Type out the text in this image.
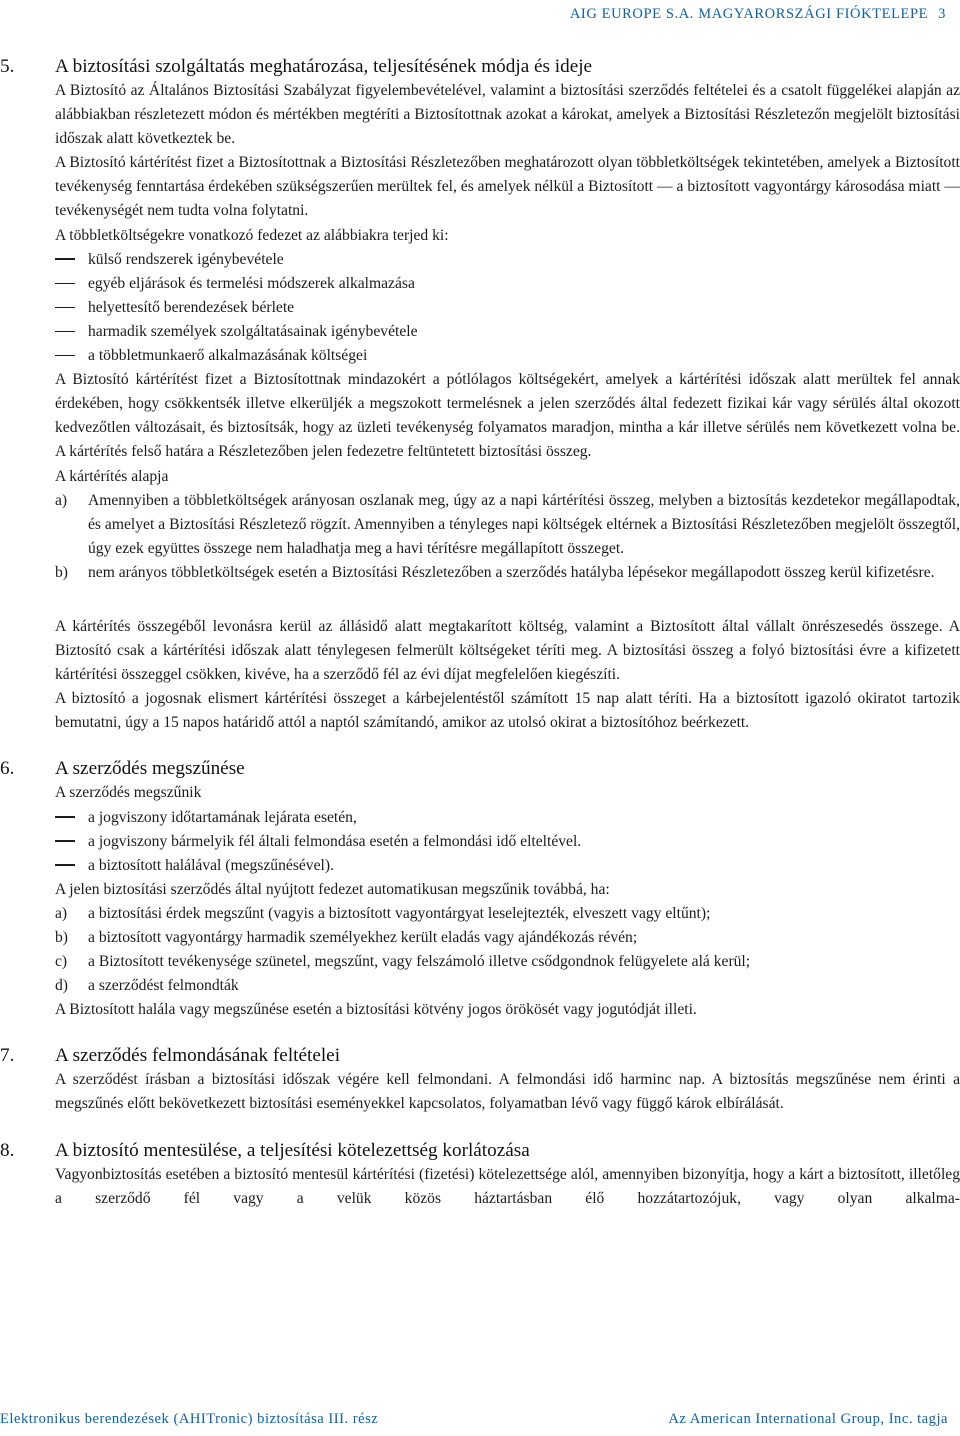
AIG EUROPE S.A. MAGYARORSZÁGI FIÓKTELEPE 3
5. A biztosítási szolgáltatás meghatározása, teljesítésének módja és ideje

A Biztosító az Általános Biztosítási Szabályzat figyelembevételével, valamint a biztosítási szerződés feltételei és a csatolt függelékei alapján az alábbiakban részletezett módon és mértékben megtéríti a Biztosítottnak azokat a károkat, amelyek a Biztosítási Részletezőn megjelölt biztosítási időszak alatt következtek be.

A Biztosító kártérítést fizet a Biztosítottnak a Biztosítási Részletezőben meghatározott olyan többletköltségek tekintetében, amelyek a Biztosított tevékenység fenntartása érdekében szükségszerűen merültek fel, és amelyek nélkül a Biztosított — a biztosított vagyontárgy károsodása miatt — tevékenységét nem tudta volna folytatni.

A többletköltségekre vonatkozó fedezet az alábbiakra terjed ki:

külső rendszerek igénybevétele
egyéb eljárások és termelési módszerek alkalmazása
helyettesítő berendezések bérlete
harmadik személyek szolgáltatásainak igénybevétele
a többletmunkaerő alkalmazásának költségei

A Biztosító kártérítést fizet a Biztosítottnak mindazokért a pótlólagos költségekért, amelyek a kártérítési időszak alatt merültek fel annak érdekében, hogy csökkentsék illetve elkerüljék a megszokott termelésnek a jelen szerződés által fedezett fizikai kár vagy sérülés által okozott kedvezőtlen változásait, és biztosítsák, hogy az üzleti tevékenység folyamatos maradjon, mintha a kár illetve sérülés nem következett volna be. A kártérítés felső határa a Részletezőben jelen fedezetre feltüntetett biztosítási összeg.

A kártérítés alapja

a) Amennyiben a többletköltségek arányosan oszlanak meg, úgy az a napi kártérítési összeg, melyben a biztosítás kezdetekor megállapodtak, és amelyet a Biztosítási Részletező rögzít. Amennyiben a tényleges napi költségek eltérnek a Biztosítási Részletezőben megjelölt összegtől, úgy ezek együttes összege nem haladhatja meg a havi térítésre megállapított összeget.
b) nem arányos többletköltségek esetén a Biztosítási Részletezőben a szerződés hatályba lépésekor megállapodott összeg kerül kifizetésre.

A kártérítés összegéből levonásra kerül az állásidő alatt megtakarított költség, valamint a Biztosított által vállalt önrészesedés összege. A Biztosító csak a kártérítési időszak alatt ténylegesen felmerült költségeket téríti meg. A biztosítási összeg a folyó biztosítási évre a kifizetett kártérítési összeggel csökken, kivéve, ha a szerződő fél az évi díjat megfelelően kiegészíti.

A biztosító a jogosnak elismert kártérítési összeget a kárbejelentéstől számított 15 nap alatt téríti. Ha a biztosított igazoló okiratot tartozik bemutatni, úgy a 15 napos határidő attól a naptól számítandó, amikor az utolsó okirat a biztosítóhoz beérkezett.

6. A szerződés megszűnése

A szerződés megszűnik

a jogviszony időtartamának lejárata esetén,
a jogviszony bármelyik fél általi felmondása esetén a felmondási idő elteltével.
a biztosított halálával (megszűnésével).

A jelen biztosítási szerződés által nyújtott fedezet automatikusan megszűnik továbbá, ha:

a) a biztosítási érdek megszűnt (vagyis a biztosított vagyontárgyat leselejtezték, elveszett vagy eltűnt);
b) a biztosított vagyontárgy harmadik személyekhez került eladás vagy ajándékozás révén;
c) a Biztosított tevékenysége szünetel, megszűnt, vagy felszámoló illetve csődgondnok felügyelete alá kerül;
d) a szerződést felmondták

A Biztosított halála vagy megszűnése esetén a biztosítási kötvény jogos örökösét vagy jogutódját illeti.

7. A szerződés felmondásának feltételei

A szerződést írásban a biztosítási időszak végére kell felmondani. A felmondási idő harminc nap. A biztosítás megszűnése nem érinti a megszűnés előtt bekövetkezett biztosítási eseményekkel kapcsolatos, folyamatban lévő vagy függő károk elbírálását.

8. A biztosító mentesülése, a teljesítési kötelezettség korlátozása

Vagyonbiztosítás esetében a biztosító mentesül kártérítési (fizetési) kötelezettsége alól, amennyiben bizonyítja, hogy a kárt a biztosított, illetőleg a szerződő fél vagy a velük közös háztartásban élő hozzátartozójuk, vagy olyan alkalma-

Elektronikus berendezések (AHITronic) biztosítása III. rész	Az American International Group, Inc. tagja
